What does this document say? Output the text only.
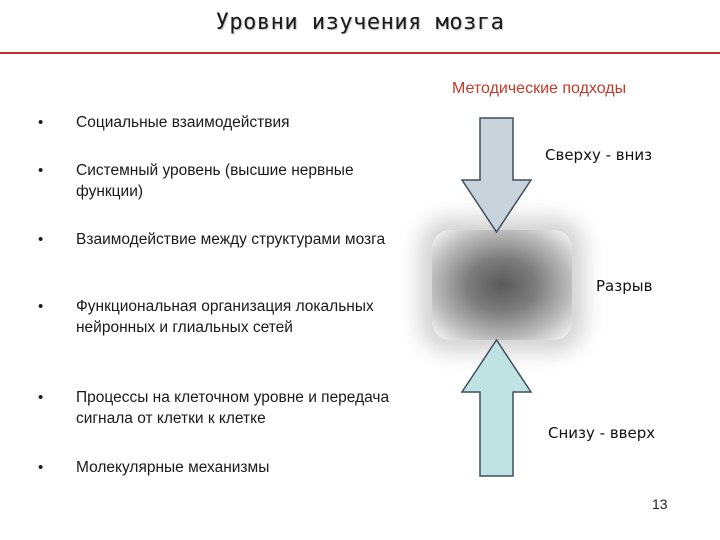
Уровни изучения мозга
•	Социальные взаимодействия
•	Системный уровень (высшие нервные функции)
•	Взаимодействие между структурами мозга
•	Функциональная организация локальных нейронных и глиальных сетей
•	Процессы на клеточном уровне и передача сигнала от клетки к клетке
•	Молекулярные механизмы
Методические подходы
Сверху - вниз
Разрыв
Снизу - вверх
13
